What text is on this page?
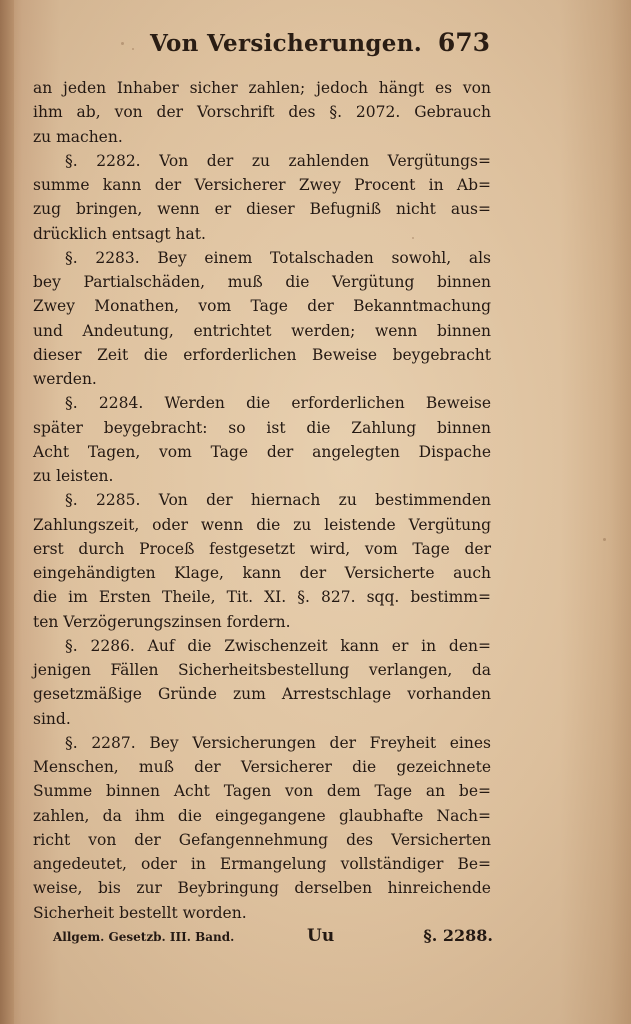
Von Versicherungen. 673
an jeden Inhaber sicher zahlen; jedoch hängt es von
ihm ab, von der Vorschrift des §. 2072. Gebrauch
zu machen.
§. 2282. Von der zu zahlenden Vergütungs=
summe kann der Versicherer Zwey Procent in Ab=
zug bringen, wenn er dieser Befugniß nicht aus=
drücklich entsagt hat.
§. 2283. Bey einem Totalschaden sowohl, als
bey Partialschäden, muß die Vergütung binnen
Zwey Monathen, vom Tage der Bekanntmachung
und Andeutung, entrichtet werden; wenn binnen
dieser Zeit die erforderlichen Beweise beygebracht
werden.
§. 2284. Werden die erforderlichen Beweise
später beygebracht: so ist die Zahlung binnen
Acht Tagen, vom Tage der angelegten Dispache
zu leisten.
§. 2285. Von der hiernach zu bestimmenden
Zahlungszeit, oder wenn die zu leistende Vergütung
erst durch Proceß festgesetzt wird, vom Tage der
eingehändigten Klage, kann der Versicherte auch
die im Ersten Theile, Tit. XI. §. 827. sqq. bestimm=
ten Verzögerungszinsen fordern.
§. 2286. Auf die Zwischenzeit kann er in den=
jenigen Fällen Sicherheitsbestellung verlangen, da
gesetzmäßige Gründe zum Arrestschlage vorhanden
sind.
§. 2287. Bey Versicherungen der Freyheit eines
Menschen, muß der Versicherer die gezeichnete
Summe binnen Acht Tagen von dem Tage an be=
zahlen, da ihm die eingegangene glaubhafte Nach=
richt von der Gefangennehmung des Versicherten
angedeutet, oder in Ermangelung vollständiger Be=
weise, bis zur Beybringung derselben hinreichende
Sicherheit bestellt worden.
Allgem. Gesetzb. III. Band.	Uu	§. 2288.
